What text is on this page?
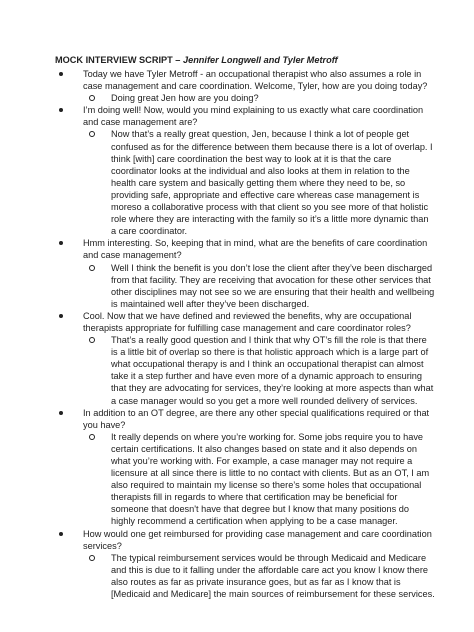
MOCK INTERVIEW SCRIPT – Jennifer Longwell and Tyler Metroff
Today we have Tyler Metroff - an occupational therapist who also assumes a role in case management and care coordination. Welcome, Tyler, how are you doing today?
Doing great Jen how are you doing?
I’m doing well! Now, would you mind explaining to us exactly what care coordination and case management are?
Now that’s a really great question, Jen, because I think a lot of people get confused as for the difference between them because there is a lot of overlap. I think [with] care coordination the best way to look at it is that the care coordinator looks at the individual and also looks at them in relation to the health care system and basically getting them where they need to be, so providing safe, appropriate and effective care whereas case management is moreso a collaborative process with that client so you see more of that holistic role where they are interacting with the family so it’s a little more dynamic than a care coordinator.
Hmm interesting. So, keeping that in mind, what are the benefits of care coordination and case management?
Well I think the benefit is you don’t lose the client after they’ve been discharged from that facility. They are receiving that avocation for these other services that other disciplines may not see so we are ensuring that their health and wellbeing is maintained well after they’ve been discharged.
Cool. Now that we have defined and reviewed the benefits, why are occupational therapists appropriate for fulfilling case management and care coordinator roles?
That’s a really good question and I think that why OT’s fill the role is that there is a little bit of overlap so there is that holistic approach which is a large part of what occupational therapy is and I think an occupational therapist can almost take it a step further and have even more of a dynamic approach to ensuring that they are advocating for services, they’re looking at more aspects than what a case manager would so you get a more well rounded delivery of services.
In addition to an OT degree, are there any other special qualifications required or that you have?
It really depends on where you’re working for. Some jobs require you to have certain certifications. It also changes based on state and it also depends on what you’re working with. For example, a case manager may not require a licensure at all since there is little to no contact with clients. But as an OT, I am also required to maintain my license so there’s some holes that occupational therapists fill in regards to where that certification may be beneficial for someone that doesn't have that degree but I know that many positions do highly recommend a certification when applying to be a case manager.
How would one get reimbursed for providing case management and care coordination services?
The typical reimbursement services would be through Medicaid and Medicare and this is due to it falling under the affordable care act you know I know there also routes as far as private insurance goes, but as far as I know that is [Medicaid and Medicare] the main sources of reimbursement for these services.
